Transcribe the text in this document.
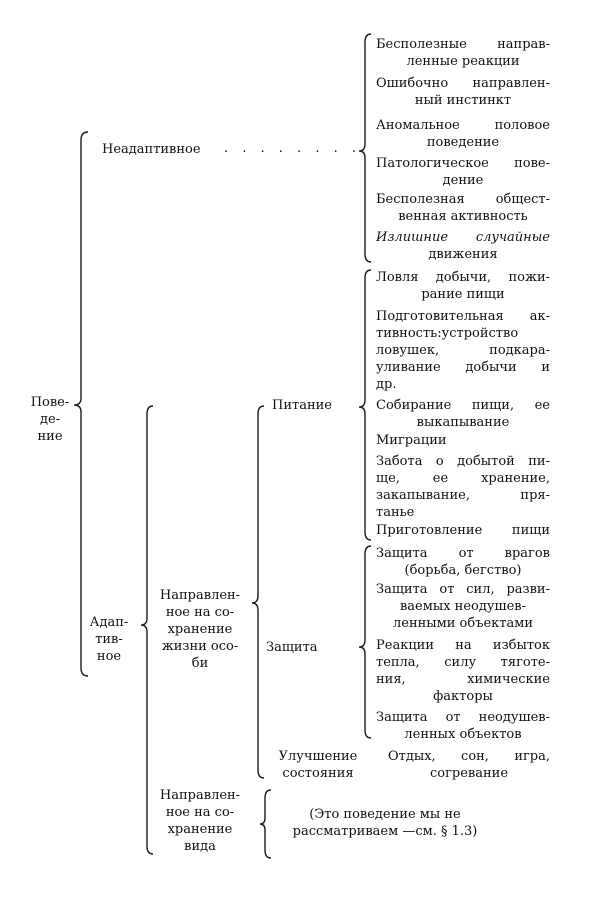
Пове-
де-
ние
Неадаптивное . . . . . . . .
Бесполезные направ-
ленные реакции
Ошибочно направлен-
ный инстинкт
Аномальное половое
поведение
Патологическое пове-
дение
Бесполезная общест-
венная активность
Излишние случайные
движения
Адап-
тив-
ное
Направлен-
ное на со-
хранение
жизни осо-
би
Питание
Ловля добычи, пожи-
рание пищи
Подготовительная ак-
тивность:устройство
ловушек, подкара-
уливание добычи и
др.
Собирание пищи, ее
выкапывание
Миграции
Забота о добытой пи-
ще, ее хранение,
закапывание, пря-
танье
Приготовление пищи
Защита
Защита от врагов
(борьба, бегство)
Защита от сил, разви-
ваемых неодушев-
ленными объектами
Реакции на избыток
тепла, силу тяготе-
ния, химические
факторы
Защита от неодушев-
ленных объектов
Улучшение
состояния
Отдых, сон, игра,
согревание
Направлен-
ное на со-
хранение
вида
(Это поведение мы не
рассматриваем —см. § 1.3)
